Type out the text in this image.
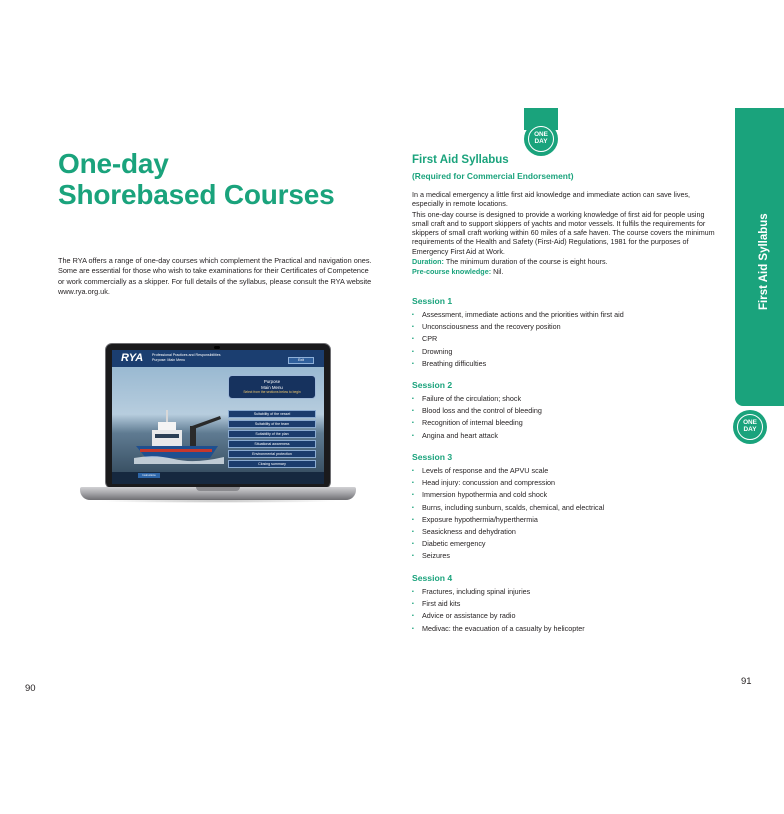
One-day
Shorebased Courses

The RYA offers a range of one-day courses which complement the Practical and navigation ones. Some are essential for those who wish to take examinations for their Certificates of Competence or work commercially as a skipper. For full details of the syllabus, please consult the RYA website www.rya.org.uk.

RYA Professional Practices and Responsibilities
Purpose: Main Menu	Exit
Purpose
Main Menu
Select from the sections below to begin
Suitability of the vessel
Suitability of the team
Suitability of the plan
Situational awareness
Environmental protection
Closing summary
Instructions
90
ONE
DAY
First Aid Syllabus
(Required for Commercial Endorsement)

In a medical emergency a little first aid knowledge and immediate action can save lives, especially in remote locations.

This one-day course is designed to provide a working knowledge of first aid for people using small craft and to support skippers of yachts and motor vessels. It fulfils the requirements for skippers of small craft working within 60 miles of a safe haven. The course covers the minimum requirements of the Health and Safety (First-Aid) Regulations, 1981 for the purposes of Emergency First Aid at Work.

Duration: The minimum duration of the course is eight hours.

Pre-course knowledge: Nil.

Session 1
▪ Assessment, immediate actions and the priorities within first aid
▪ Unconsciousness and the recovery position
▪ CPR
▪ Drowning
▪ Breathing difficulties
Session 2
▪ Failure of the circulation; shock
▪ Blood loss and the control of bleeding
▪ Recognition of internal bleeding
▪ Angina and heart attack
Session 3
▪ Levels of response and the APVU scale
▪ Head injury: concussion and compression
▪ Immersion hypothermia and cold shock
▪ Burns, including sunburn, scalds, chemical, and electrical
▪ Exposure hypothermia/hyperthermia
▪ Seasickness and dehydration
▪ Diabetic emergency
▪ Seizures
Session 4
▪ Fractures, including spinal injuries
▪ First aid kits
▪ Advice or assistance by radio
▪ Medivac: the evacuation of a casualty by helicopter
First Aid Syllabus
ONE
DAY
91
